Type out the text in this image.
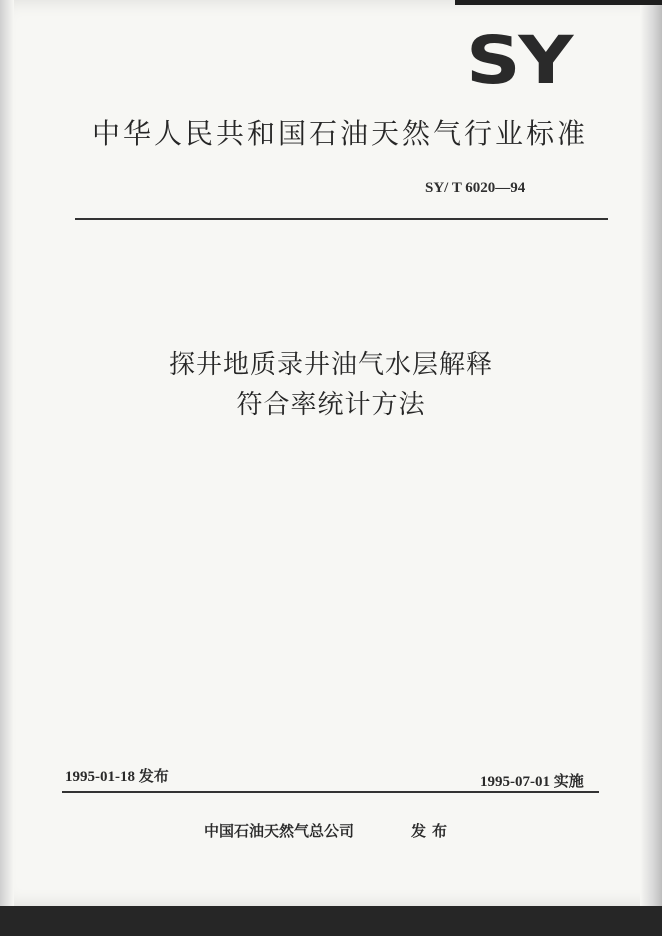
SY
中华人民共和国石油天然气行业标准
SY/ T 6020—94
探井地质录井油气水层解释
符合率统计方法
1995-01-18 发布	1995-07-01 实施
中国石油天然气总公司	发布
